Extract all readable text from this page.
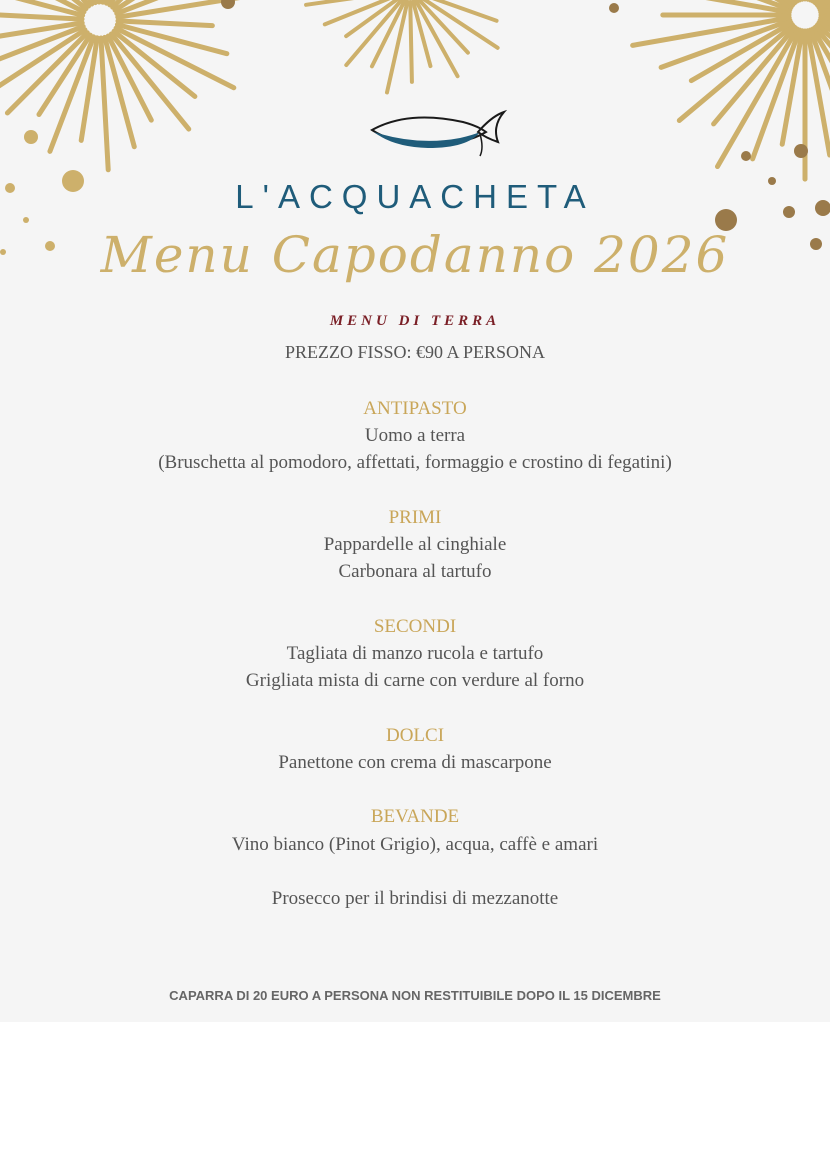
L'ACQUACHETA
Menu Capodanno 2026
MENU DI TERRA
PREZZO FISSO: €90 A PERSONA
ANTIPASTO
Uomo a terra
(Bruschetta al pomodoro, affettati, formaggio e crostino di fegatini)
PRIMI
Pappardelle al cinghiale
Carbonara al tartufo
SECONDI
Tagliata di manzo rucola e tartufo
Grigliata mista di carne con verdure al forno
DOLCI
Panettone con crema di mascarpone
BEVANDE
Vino bianco (Pinot Grigio), acqua, caffè e amari
Prosecco per il brindisi di mezzanotte
CAPARRA DI 20 EURO A PERSONA NON RESTITUIBILE DOPO IL 15 DICEMBRE
